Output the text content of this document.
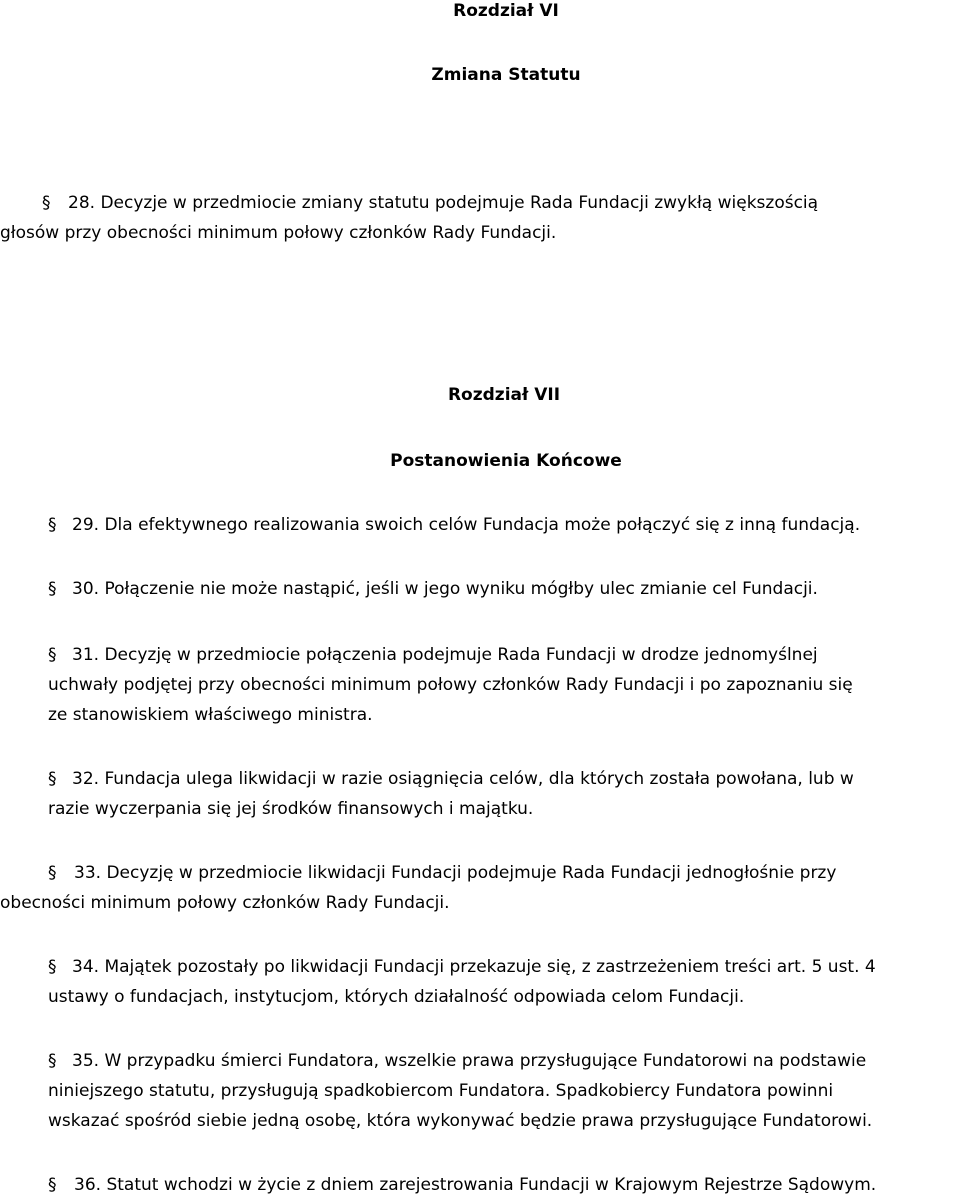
Rozdział VI
Zmiana Statutu
§ 28. Decyzje w przedmiocie zmiany statutu podejmuje Rada Fundacji zwykłą większością
głosów przy obecności minimum połowy członków Rady Fundacji.
Rozdział VII
Postanowienia Końcowe
§ 29. Dla efektywnego realizowania swoich celów Fundacja może połączyć się z inną fundacją.
§ 30. Połączenie nie może nastąpić, jeśli w jego wyniku mógłby ulec zmianie cel Fundacji.
§ 31. Decyzję w przedmiocie połączenia podejmuje Rada Fundacji w drodze jednomyślnej
uchwały podjętej przy obecności minimum połowy członków Rady Fundacji i po zapoznaniu się
ze stanowiskiem właściwego ministra.
§ 32. Fundacja ulega likwidacji w razie osiągnięcia celów, dla których została powołana, lub w
razie wyczerpania się jej środków finansowych i majątku.
§ 33. Decyzję w przedmiocie likwidacji Fundacji podejmuje Rada Fundacji jednogłośnie przy
obecności minimum połowy członków Rady Fundacji.
§ 34. Majątek pozostały po likwidacji Fundacji przekazuje się, z zastrzeżeniem treści art. 5 ust. 4
ustawy o fundacjach, instytucjom, których działalność odpowiada celom Fundacji.
§ 35. W przypadku śmierci Fundatora, wszelkie prawa przysługujące Fundatorowi na podstawie
niniejszego statutu, przysługują spadkobiercom Fundatora. Spadkobiercy Fundatora powinni
wskazać spośród siebie jedną osobę, która wykonywać będzie prawa przysługujące Fundatorowi.
§ 36. Statut wchodzi w życie z dniem zarejestrowania Fundacji w Krajowym Rejestrze Sądowym.
